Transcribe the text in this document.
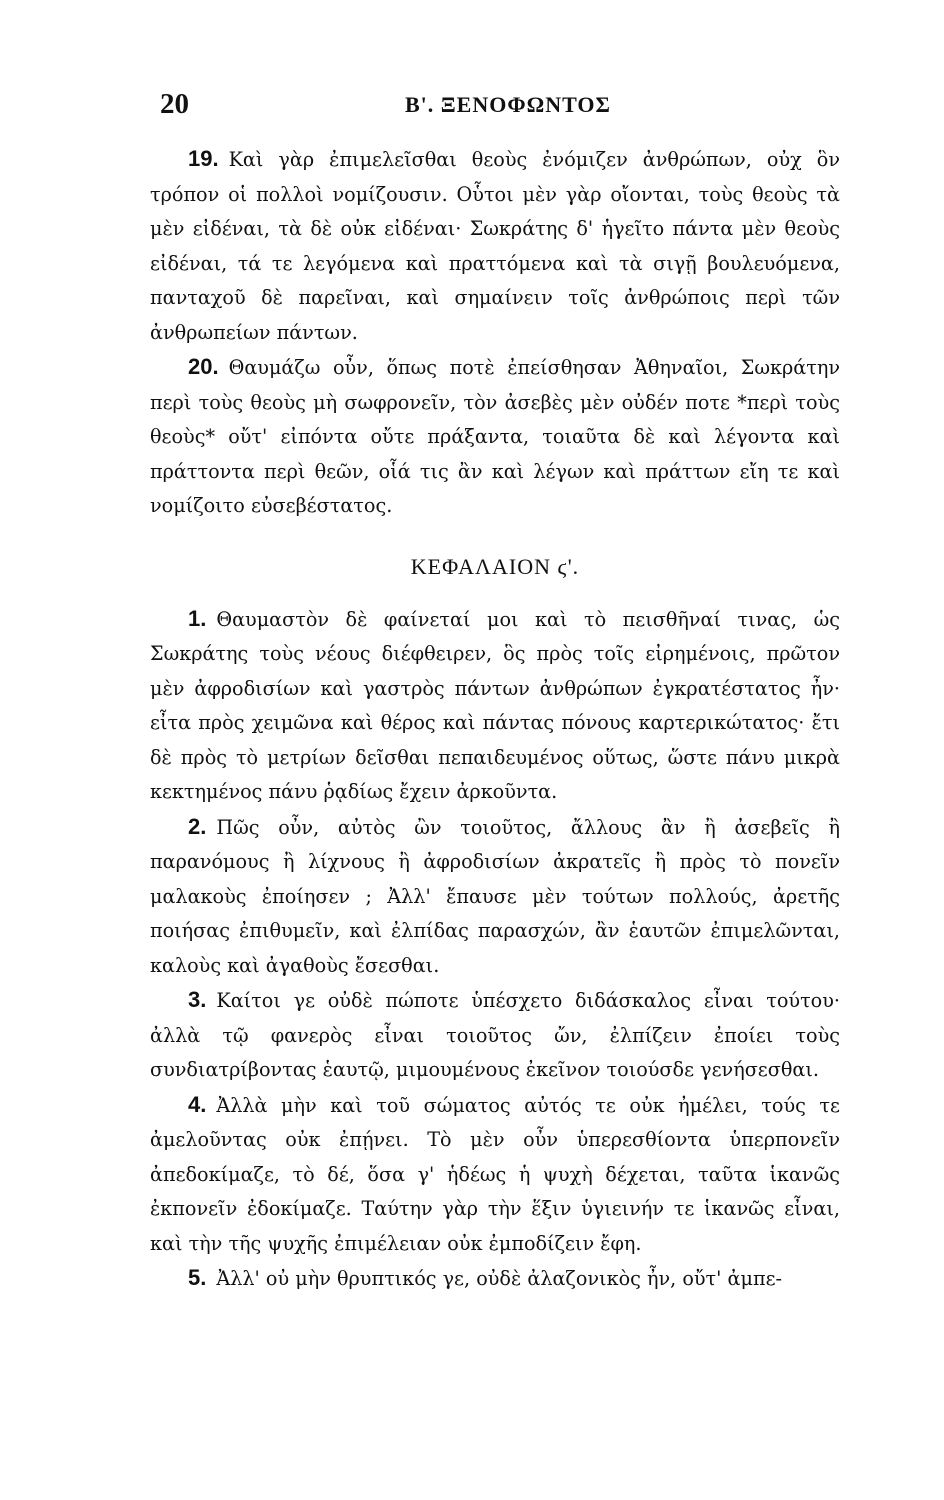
20	Β'. ΞΕΝΟΦΩΝΤΟΣ

19. Καὶ γὰρ ἐπιμελεῖσθαι θεοὺς ἐνόμιζεν ἀνθρώπων, οὐχ ὃν τρόπον οἱ πολλοὶ νομίζουσιν. Οὗτοι μὲν γὰρ οἴονται, τοὺς θεοὺς τὰ μὲν εἰδέναι, τὰ δὲ οὐκ εἰδέναι· Σωκράτης δ' ἡγεῖτο πάντα μὲν θεοὺς εἰδέναι, τά τε λεγόμενα καὶ πραττόμενα καὶ τὰ σιγῇ βουλευόμενα, πανταχοῦ δὲ παρεῖναι, καὶ σημαίνειν τοῖς ἀνθρώποις περὶ τῶν ἀνθρωπείων πάντων.

20. Θαυμάζω οὖν, ὅπως ποτὲ ἐπείσθησαν Ἀθηναῖοι, Σωκράτην περὶ τοὺς θεοὺς μὴ σωφρονεῖν, τὸν ἀσεβὲς μὲν οὐδέν ποτε *περὶ τοὺς θεοὺς* οὔτ' εἰπόντα οὔτε πράξαντα, τοιαῦτα δὲ καὶ λέγοντα καὶ πράττοντα περὶ θεῶν, οἷά τις ἂν καὶ λέγων καὶ πράττων εἴη τε καὶ νομίζοιτο εὐσεβέστατος.

ΚΕΦΑΛΑΙΟΝ ϛ'.

1. Θαυμαστὸν δὲ φαίνεταί μοι καὶ τὸ πεισθῆναί τινας, ὡς Σωκράτης τοὺς νέους διέφθειρεν, ὃς πρὸς τοῖς εἰρημένοις, πρῶτον μὲν ἀφροδισίων καὶ γαστρὸς πάντων ἀνθρώπων ἐγκρατέστατος ἦν· εἶτα πρὸς χειμῶνα καὶ θέρος καὶ πάντας πόνους καρτερικώτατος· ἔτι δὲ πρὸς τὸ μετρίων δεῖσθαι πεπαιδευμένος οὕτως, ὥστε πάνυ μικρὰ κεκτημένος πάνυ ῥᾳδίως ἔχειν ἀρκοῦντα.

2. Πῶς οὖν, αὐτὸς ὢν τοιοῦτος, ἄλλους ἂν ἢ ἀσεβεῖς ἢ παρανόμους ἢ λίχνους ἢ ἀφροδισίων ἀκρατεῖς ἢ πρὸς τὸ πονεῖν μαλακοὺς ἐποίησεν ; Ἀλλ' ἔπαυσε μὲν τούτων πολλούς, ἀρετῆς ποιήσας ἐπιθυμεῖν, καὶ ἐλπίδας παρασχών, ἂν ἑαυτῶν ἐπιμελῶνται, καλοὺς καὶ ἀγαθοὺς ἔσεσθαι.

3. Καίτοι γε οὐδὲ πώποτε ὑπέσχετο διδάσκαλος εἶναι τούτου· ἀλλὰ τῷ φανερὸς εἶναι τοιοῦτος ὤν, ἐλπίζειν ἐποίει τοὺς συνδιατρίβοντας ἑαυτῷ, μιμουμένους ἐκεῖνον τοιούσδε γενήσεσθαι.

4. Ἀλλὰ μὴν καὶ τοῦ σώματος αὐτός τε οὐκ ἠμέλει, τούς τε ἀμελοῦντας οὐκ ἐπῄνει. Τὸ μὲν οὖν ὑπερεσθίοντα ὑπερπονεῖν ἀπεδοκίμαζε, τὸ δέ, ὅσα γ' ἡδέως ἡ ψυχὴ δέχεται, ταῦτα ἱκανῶς ἐκπονεῖν ἐδοκίμαζε. Ταύτην γὰρ τὴν ἕξιν ὑγιεινήν τε ἱκανῶς εἶναι, καὶ τὴν τῆς ψυχῆς ἐπιμέλειαν οὐκ ἐμποδίζειν ἔφη.

5. Ἀλλ' οὐ μὴν θρυπτικός γε, οὐδὲ ἀλαζονικὸς ἦν, οὔτ' ἀμπε-
